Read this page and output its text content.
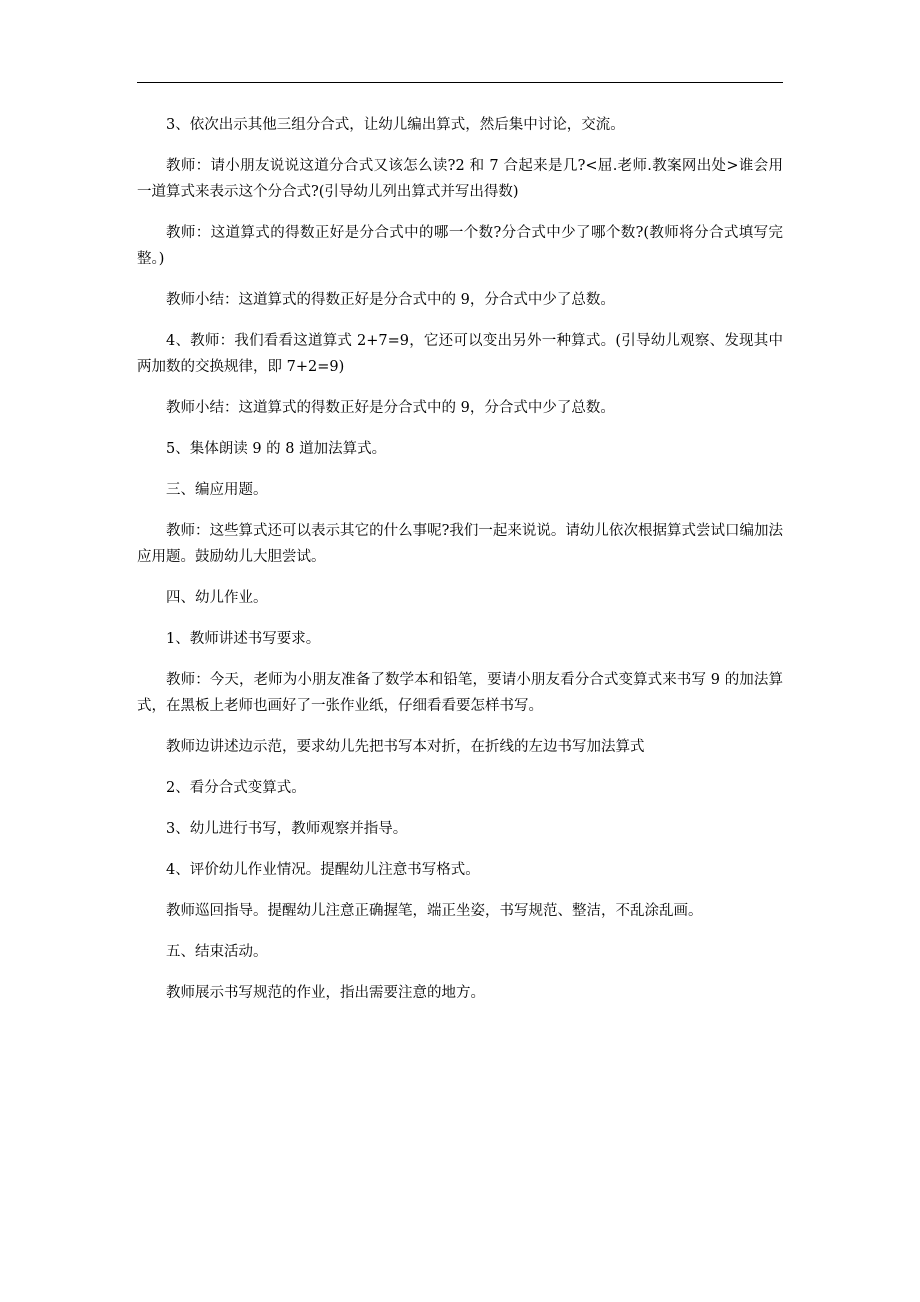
3、依次出示其他三组分合式，让幼儿编出算式，然后集中讨论，交流。

教师：请小朋友说说这道分合式又该怎么读?2 和 7 合起来是几?<屈.老师.教案网出处>谁会用一道算式来表示这个分合式?(引导幼儿列出算式并写出得数)

教师：这道算式的得数正好是分合式中的哪一个数?分合式中少了哪个数?(教师将分合式填写完整。)

教师小结：这道算式的得数正好是分合式中的 9，分合式中少了总数。

4、教师：我们看看这道算式 2+7=9，它还可以变出另外一种算式。(引导幼儿观察、发现其中两加数的交换规律，即 7+2=9)

教师小结：这道算式的得数正好是分合式中的 9，分合式中少了总数。

5、集体朗读 9 的 8 道加法算式。

三、编应用题。

教师：这些算式还可以表示其它的什么事呢?我们一起来说说。请幼儿依次根据算式尝试口编加法应用题。鼓励幼儿大胆尝试。

四、幼儿作业。

1、教师讲述书写要求。

教师：今天，老师为小朋友准备了数学本和铅笔，要请小朋友看分合式变算式来书写 9 的加法算式，在黑板上老师也画好了一张作业纸，仔细看看要怎样书写。

教师边讲述边示范，要求幼儿先把书写本对折，在折线的左边书写加法算式

2、看分合式变算式。

3、幼儿进行书写，教师观察并指导。

4、评价幼儿作业情况。提醒幼儿注意书写格式。

教师巡回指导。提醒幼儿注意正确握笔，端正坐姿，书写规范、整洁，不乱涂乱画。

五、结束活动。

教师展示书写规范的作业，指出需要注意的地方。
